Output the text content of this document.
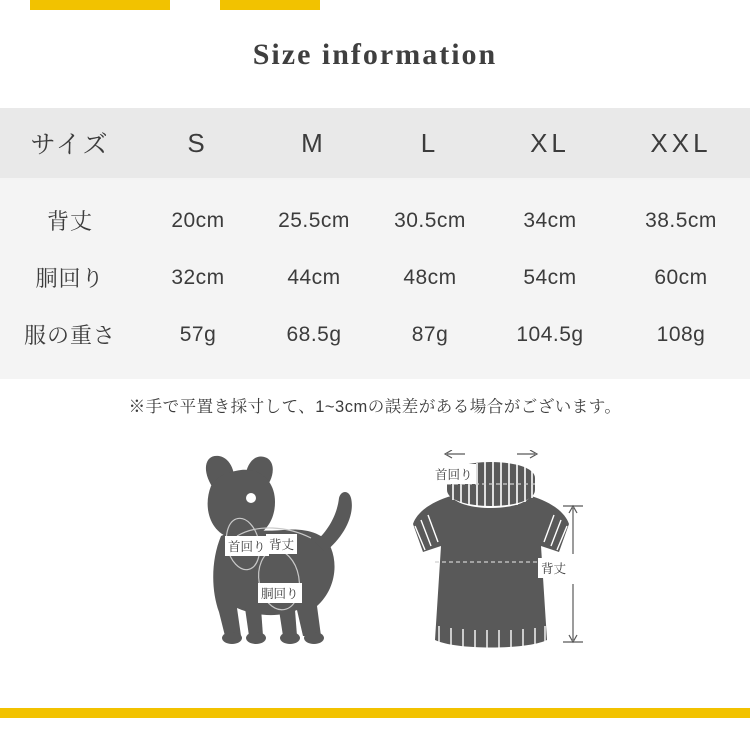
Size information
サイズ	S	M	L	XL	XXL

背丈	20cm	25.5cm	30.5cm	34cm	38.5cm
胴回り	32cm	44cm	48cm	54cm	60cm
服の重さ	57g	68.5g	87g	104.5g	108g

※手で平置き採寸して、1~3cmの誤差がある場合がございます。
首回り 背丈
胴回り
首回り
背丈
